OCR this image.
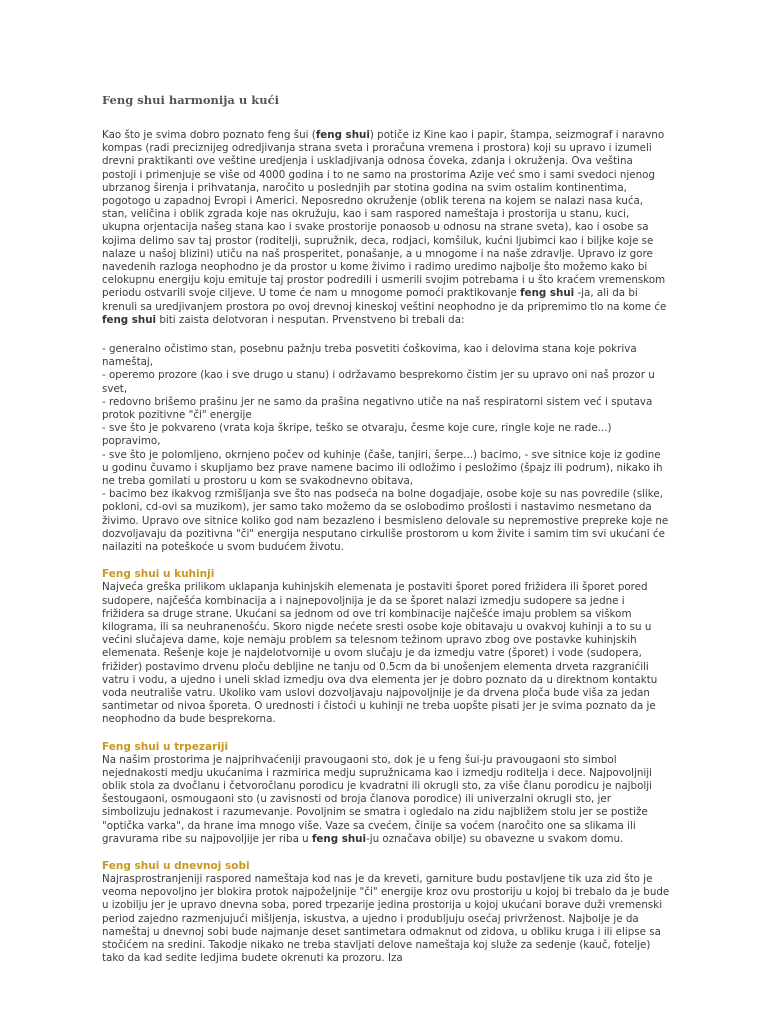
Feng shui harmonija u kući

Kao što je svima dobro poznato feng šui (feng shui) potiče iz Kine kao i papir, štampa, seizmograf i naravno kompas (radi preciznijeg odredjivanja strana sveta i proračuna vremena i prostora) koji su upravo i izumeli drevni praktikanti ove veštine uredjenja i uskladjivanja odnosa čoveka, zdanja i okruženja. Ova veština postoji i primenjuje se više od 4000 godina i to ne samo na prostorima Azije već smo i sami svedoci njenog ubrzanog širenja i prihvatanja, naročito u poslednjih par stotina godina na svim ostalim kontinentima, pogotogo u zapadnoj Evropi i Americi. Neposredno okruženje (oblik terena na kojem se nalazi nasa kuća, stan, veličina i oblik zgrada koje nas okružuju, kao i sam raspored nameštaja i prostorija u stanu, kuci, ukupna orjentacija našeg stana kao i svake prostorije ponaosob u odnosu na strane sveta), kao i osobe sa kojima delimo sav taj prostor (roditelji, supružnik, deca, rodjaci, komšiluk, kućni ljubimci kao i biljke koje se nalaze u našoj blizini) utiču na naš prosperitet, ponašanje, a u mnogome i na naše zdravlje. Upravo iz gore navedenih razloga neophodno je da prostor u kome živimo i radimo uredimo najbolje što možemo kako bi celokupnu energiju koju emituje taj prostor podredili i usmerili svojim potrebama i u što kraćem vremenskom periodu ostvarili svoje ciljeve. U tome će nam u mnogome pomoći praktikovanje feng shui -ja, ali da bi krenuli sa uredjivanjem prostora po ovoj drevnoj kineskoj veštini neophodno je da pripremimo tlo na kome će feng shui biti zaista delotvoran i nesputan. Prvenstveno bi trebali da:

- generalno očistimo stan, posebnu pažnju treba posvetiti ćoškovima, kao i delovima stana koje pokriva nameštaj,
- operemo prozore (kao i sve drugo u stanu) i održavamo besprekorno čistim jer su upravo oni naš prozor u svet,
- redovno brišemo prašinu jer ne samo da prašina negativno utiče na naš respiratorni sistem već i sputava protok pozitivne "či" energije
- sve što je pokvareno (vrata koja škripe, teško se otvaraju, česme koje cure, ringle koje ne rade...) popravimo,
- sve što je polomljeno, okrnjeno počev od kuhinje (čaše, tanjiri, šerpe...) bacimo, - sve sitnice koje iz godine u godinu čuvamo i skupljamo bez prave namene bacimo ili odložimo i pesložimo (špajz ili podrum), nikako ih ne treba gomilati u prostoru u kom se svakodnevno obitava,
- bacimo bez ikakvog rzmišljanja sve što nas podseća na bolne dogadjaje, osobe koje su nas povredile (slike, pokloni, cd-ovi sa muzikom), jer samo tako možemo da se oslobodimo prošlosti i nastavimo nesmetano da živimo. Upravo ove sitnice koliko god nam bezazleno i besmisleno delovale su nepremostive prepreke koje ne dozvoljavaju da pozitivna "či" energija nesputano cirkuliše prostorom u kom živite i samim tim svi ukućani će nailaziti na poteškoće u svom budućem životu.
Feng shui u kuhinji

Najveća greška prilikom uklapanja kuhinjskih elemenata je postaviti šporet pored frižidera ili šporet pored sudopere, najčešća kombinacija a i najnepovoljnija je da se šporet nalazi izmedju sudopere sa jedne i frižidera sa druge strane. Ukućani sa jednom od ove tri kombinacije najčešće imaju problem sa viškom kilograma, ili sa neuhranenošću. Skoro nigde nećete sresti osobe koje obitavaju u ovakvoj kuhinji a to su u većini slučajeva dame, koje nemaju problem sa telesnom težinom upravo zbog ove postavke kuhinjskih elemenata. Rešenje koje je najdelotvornije u ovom slučaju je da izmedju vatre (šporet) i vode (sudopera, frižider) postavimo drvenu ploču debljine ne tanju od 0.5cm da bi unošenjem elementa drveta razgranićili vatru i vodu, a ujedno i uneli sklad izmedju ova dva elementa jer je dobro poznato da u direktnom kontaktu voda neutrališe vatru. Ukoliko vam uslovi dozvoljavaju najpovoljnije je da drvena ploča bude viša za jedan santimetar od nivoa šporeta. O urednosti i čistoći u kuhinji ne treba uopšte pisati jer je svima poznato da je neophodno da bude besprekorna.

Feng shui u trpezariji

Na našim prostorima je najprihvaćeniji pravougaoni sto, dok je u feng šui-ju pravougaoni sto simbol nejednakosti medju ukućanima i razmirica medju supružnicama kao i izmedju roditelja i dece. Najpovoljniji oblik stola za dvočlanu i četvoročlanu porodicu je kvadratni ili okrugli sto, za više članu porodicu je najbolji šestougaoni, osmougaoni sto (u zavisnosti od broja članova porodice) ili univerzalni okrugli sto, jer simbolizuju jednakost i razumevanje. Povoljnim se smatra i ogledalo na zidu najbližem stolu jer se postiže "optička varka", da hrane ima mnogo više. Vaze sa cvećem, činije sa voćem (naročito one sa slikama ili gravurama ribe su najpovoljije jer riba u feng shui-ju označava obilje) su obavezne u svakom domu.

Feng shui u dnevnoj sobi

Najrasprostranjeniji raspored nameštaja kod nas je da kreveti, garniture budu postavljene tik uza zid što je veoma nepovoljno jer blokira protok najpoželjnije "či" energije kroz ovu prostoriju u kojoj bi trebalo da je bude u izobilju jer je upravo dnevna soba, pored trpezarije jedina prostorija u kojoj ukućani borave duži vremenski period zajedno razmenjujući mišljenja, iskustva, a ujedno i produbljuju osećaj privrženost. Najbolje je da nameštaj u dnevnoj sobi bude najmanje deset santimetara odmaknut od zidova, u obliku kruga i ili elipse sa stočićem na sredini. Takodje nikako ne treba stavljati delove nameštaja koj služe za sedenje (kauč, fotelje) tako da kad sedite ledjima budete okrenuti ka prozoru. Iza
